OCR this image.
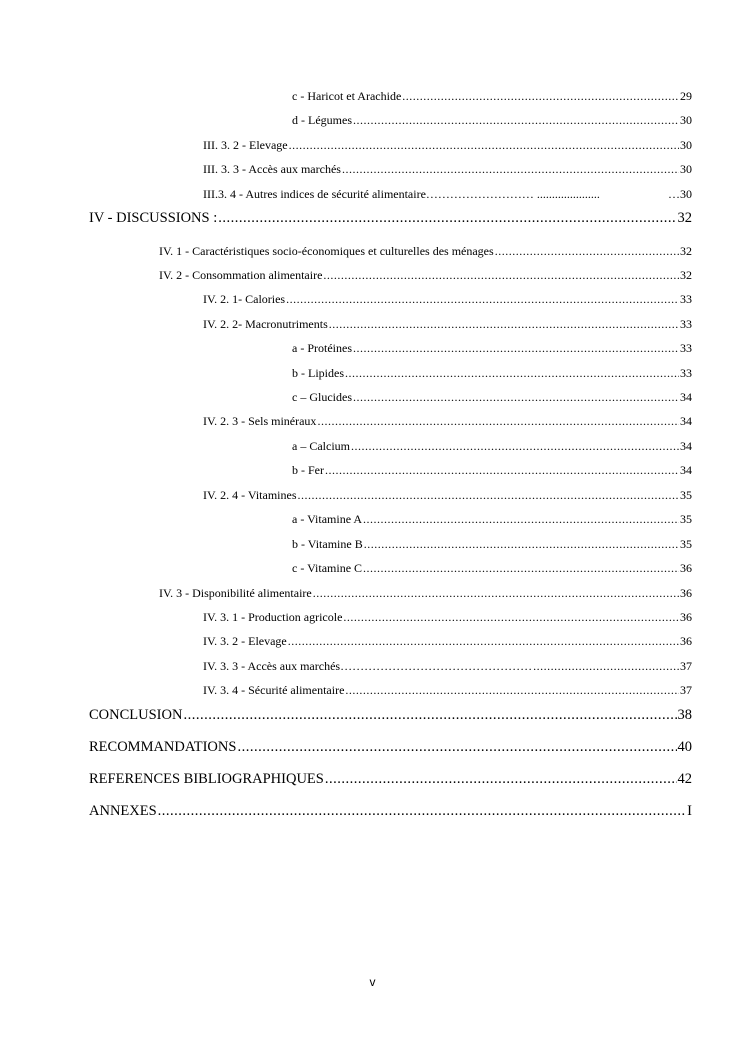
c - Haricot et Arachide .....	29
d - Légumes .....	30
III. 3. 2 - Elevage .....	30
III. 3. 3 - Accès aux marchés .....	30
III.3. 4 - Autres indices de sécurité alimentaire……………………… .....................	…30
IV - DISCUSSIONS : .....	32
IV. 1 - Caractéristiques socio-économiques et culturelles des ménages .....	32
IV. 2 - Consommation alimentaire .....	32
IV. 2. 1- Calories .....	33
IV. 2. 2- Macronutriments .....	33
a - Protéines .....	33
b - Lipides .....	33
c – Glucides .....	34
IV. 2. 3 - Sels minéraux .....	34
a – Calcium .....	34
b - Fer .....	34
IV. 2. 4 - Vitamines .....	35
a - Vitamine A .....	35
b - Vitamine B .....	35
c - Vitamine C .....	36
IV. 3 - Disponibilité alimentaire .....	36
IV. 3. 1 - Production agricole .....	36
IV. 3. 2 - Elevage .....	36
IV. 3. 3 - Accès aux marchés………………………………………… .....	37
IV. 3. 4 - Sécurité alimentaire .....	37
CONCLUSION .....	38
RECOMMANDATIONS .....	40
REFERENCES BIBLIOGRAPHIQUES .....	42
ANNEXES .....	I
v
